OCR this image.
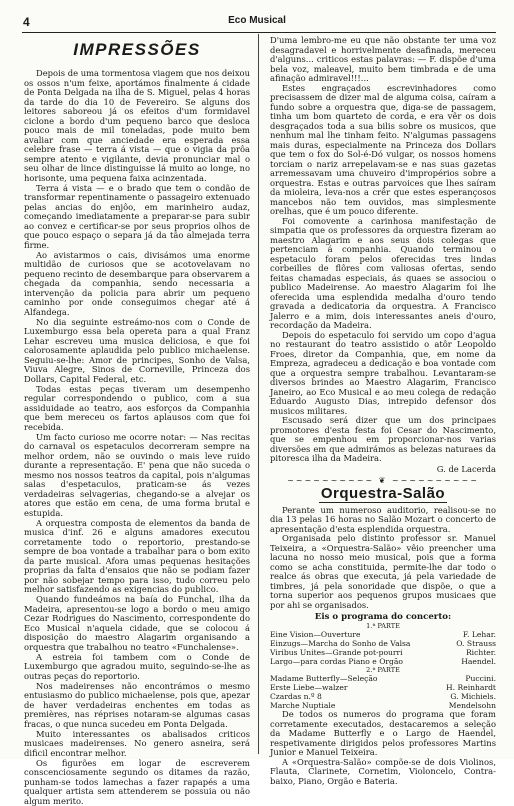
4	Eco Musical
IMPRESSÕES

Depois de uma tormentosa viagem que nos deixou os ossos n'um feixe, aportámos finalmente á cidade de Ponta Delgada na ilha de S. Miguel, pelas 4 horas da tarde do dia 10 de Fevereiro. Se alguns dos leitores saboreou já os efeitos d'um formidavel ciclone a bordo d'um pequeno barco que desloca pouco mais de mil toneladas, pode muito bem avaliar com que anciedade era esperada essa celebre frase — terra á vista — que o vigia da prôa sempre atento e vigilante, devia pronunciar mal o seu olhar de lince distinguisse lá muito ao longe, no horisonte, uma pequena faixa acinzentada.

Terra á vista — e o brado que tem o condão de transformar repentinamente o passageiro extenuado pelas ancias do enjôo, em marinheiro audaz, começando imediatamente a preparar-se para subir ao convez e certificar-se por seus proprios olhos de que pouco espaço o separa já da tão almejada terra firme.

Ao avistarmos o cais, divisámos uma enorme multidão de curiosos que se acotovelavam no pequeno recinto de desembarque para observarem a chegada da companhia, sendo necessaria a intervenção da policia para abrir um pequeno caminho por onde conseguimos chegar até á Alfandega.

No dia seguinte estreámo-nos com o Conde de Luxemburgo essa bela opereta para a qual Franz Lehar escreveu uma musica deliciosa, e que foi calorosamente aplaudida pelo publico michaelense. Seguiu-se-lhe: Amor de principes, Sonho de Valsa, Viuva Alegre, Sinos de Corneville, Princeza dos Dollars, Capital Federal, etc.

Todas estas peças tiveram um desempenho regular correspondendo o publico, com a sua assiduidade ao teatro, aos esforços da Companhia que bem mereceu os fartos aplausos com que foi recebida.

Um facto curioso me ocorre notar: — Nas recitas do carnaval os espetaculos decorreram sempre na melhor ordem, não se ouvindo o mais leve ruido durante a representação. E' pena que não suceda o mesmo nos nossos teatros da capital, pois n'algumas salas d'espetaculos, praticam-se ás vezes verdadeiras selvagerias, chegando-se a alvejar os atores que estão em cena, de uma forma brutal e estupida.

A orquestra composta de elementos da banda de musica d'inf. 26 e alguns amadores executou corretamente todo o reportorio, prestando-se sempre de boa vontade a trabalhar para o bom exito da parte musical. Afora umas pequenas hesitações proprias da falta d'ensaios que não se podiam fazer por não sobejar tempo para isso, tudo correu pelo melhor satisfazendo as exigencias do publico.

Quando fundeámos na baía do Funchal, ilha da Madeira, apresentou-se logo a bordo o meu amigo Cezar Rodrigues do Nascimento, correspondente do Eco Musical n'aquela cidade, que se colocou á disposição do maestro Alagarim organisando a orquestra que trabalhou no teatro «Funchalense».

A estreia foi tambem com o Conde de Luxemburgo que agradou muito, seguindo-se-lhe as outras peças do reportorio.

Nos madeirenses não encontrámos o mesmo entusiasmo do publico michaelense, pois que, apezar de haver verdadeiras enchentes em todas as premières, nas réprises notaram-se algumas casas fracas, o que nunca sucedeu em Ponta Delgada.

Muito interessantes os abalisados criticos musicaes madeirenses. No genero asneira, será dificil encontrar melhor.

Os figurões em logar de escreverem conscenciosamente segundo os ditames da razão, punham-se todos lamechas a fazer rapapés a uma qualquer artista sem attenderem se possuia ou não algum merito.

D'uma lembro-me eu que não obstante ter uma voz desagradavel e horrivelmente desafinada, mereceu d'alguns... criticos estas palavras: — F. dispõe d'uma bela voz, maleavel, muito bem timbrada e de uma afinação admiravel!!!...

Estes engraçados escrevinhadores como precisassem de dizer mal de alguma coisa, caíram a fundo sobre a orquestra que, diga-se de passagem, tinha um bom quarteto de corda, e era vêr os dois desgraçados toda a sua bilis sobre os musicos, que nenhum mal lhe tinham feito. N'algumas passagens mais duras, especialmente na Princeza dos Dollars que tem o fox do Sol-é-Dó vulgar, os nossos homens torciam o nariz arrepelavam-se e nas suas gazetas arremessavam uma chuveiro d'impropérios sobre a orquestra. Estas e outras parvoices que lhes saíram da mioleira, leva-nos a crêr que estes esperançosos mancebos não tem ouvidos, mas simplesmente orelhas, que é um pouco diferente.

Foi comovente a carinhosa manifestação de simpatia que os professores da orquestra fizeram ao maestro Alagarim e aos seus dois colegas que pertenciam á companhia. Quando terminou o espetaculo foram pelos oferecidas tres lindas corbeilles de flôres com valiosas ofertas, sendo feitas chamadas especiais, ás quaes se associou o publico Madeirense. Ao maestro Alagarim foi lhe oferecida uma esplendida medalha d'ouro tendo gravada a dedicatoria da orquestra. A Francisco Jalerro e a mim, dois interessantes aneis d'ouro, recordação da Madeira.

Depois do espetaculo foi servido um copo d'agua no restaurant do teatro assistido o atôr Leopoldo Froes, diretor da Companhia, que, em nome da Empreza, agradeceu a dedicação e boa vontade com que a orquestra sempre trabalhou. Levantaram-se diversos brindes ao Maestro Alagarim, Francisco Janeiro, ao Eco Musical e ao meu colega de redação Eduardo Augusto Dias, intrepido defensor dos musicos militares.

Escusado será dizer que um dos principaes promotores d'esta festa foi Cesar do Nascimento, que se empenhou em proporcionar-nos varias diversões em que admirámos as belezas naturaes da pitoresca ilha da Madeira.

G. de Lacerda
~~~~~~~~~~ ❦ ~~~~~~~~~~
Orquestra-Salão

Perante um numeroso auditorio, realisou-se no dia 13 pelas 16 horas no Salão Mozart o concerto de apresentação d'esta esplendida orquestra.

Organisada pelo distinto professor sr. Manuel Teixeira, a «Orquestra-Salão» vêio preencher uma lacuna no nosso meio musical, pois que a forma como se acha constituida, permite-lhe dar todo o realce ás obras que executa, já pela variedade de timbres, já pela sonoridade que dispõe, o que a torna superior aos pequenos grupos musicaes que por ahi se organisados.

Eis o programa do concerto:
1.ª PARTE
Eine Vision—Ouverture	F. Lehar.
Einzugs—Marcha do Sonho de Valsa	O. Strauss
Viribus Unites—Grande pot-pourri	Richter.
Largo—para cordas Piano e Orgão	Haendel.
2.ª PARTE
Madame Butterfly—Seleção	Puccini.
Erste Liebe—walzer	H. Reinhardt
Czardas n.º 8	G. Michiels.
Marche Nuptiale	Mendelsohn

De todos os numeros do programa que foram corretamente executados, destacaremos a seleção da Madame Butterfly e o Largo de Haendel, respetivamente dirigidos pelos professores Martins Junior e Manuel Teixeira.

A «Orquestra-Salão» compõe-se de dois Violinos, Flauta, Clarinete, Cornetim, Violoncelo, Contra-baixo, Piano, Orgão e Bateria.
